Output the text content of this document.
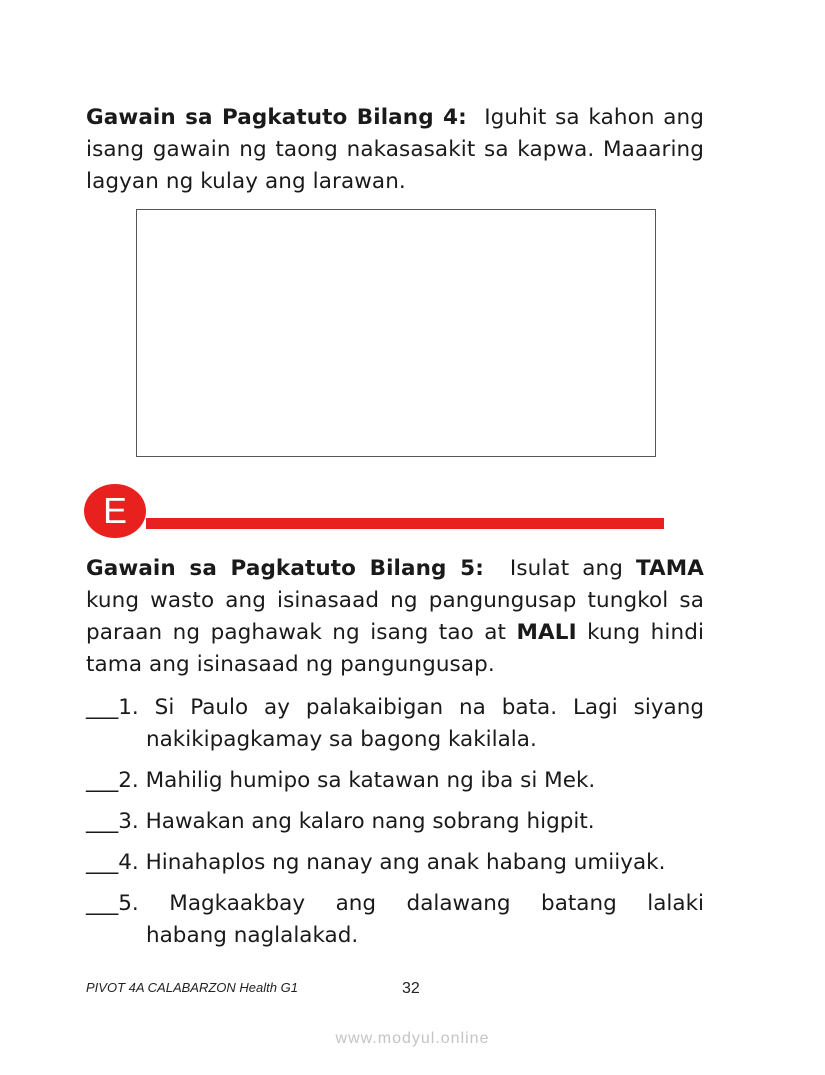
Gawain sa Pagkatuto Bilang 4: Iguhit sa kahon ang isang gawain ng taong nakasasakit sa kapwa. Maaaring lagyan ng kulay ang larawan.

E

Gawain sa Pagkatuto Bilang 5: Isulat ang TAMA kung wasto ang isinasaad ng pangungusap tungkol sa paraan ng paghawak ng isang tao at MALI kung hindi tama ang isinasaad ng pangungusap.

___1. Si Paulo ay palakaibigan na bata. Lagi siyang
nakikipagkamay sa bagong kakilala.
___2. Mahilig humipo sa katawan ng iba si Mek.
___3. Hawakan ang kalaro nang sobrang higpit.
___4. Hinahaplos ng nanay ang anak habang umiiyak.
___5. Magkaakbay ang dalawang batang lalaki
habang naglalakad.
PIVOT 4A CALABARZON Health G1	32
www.modyul.online
